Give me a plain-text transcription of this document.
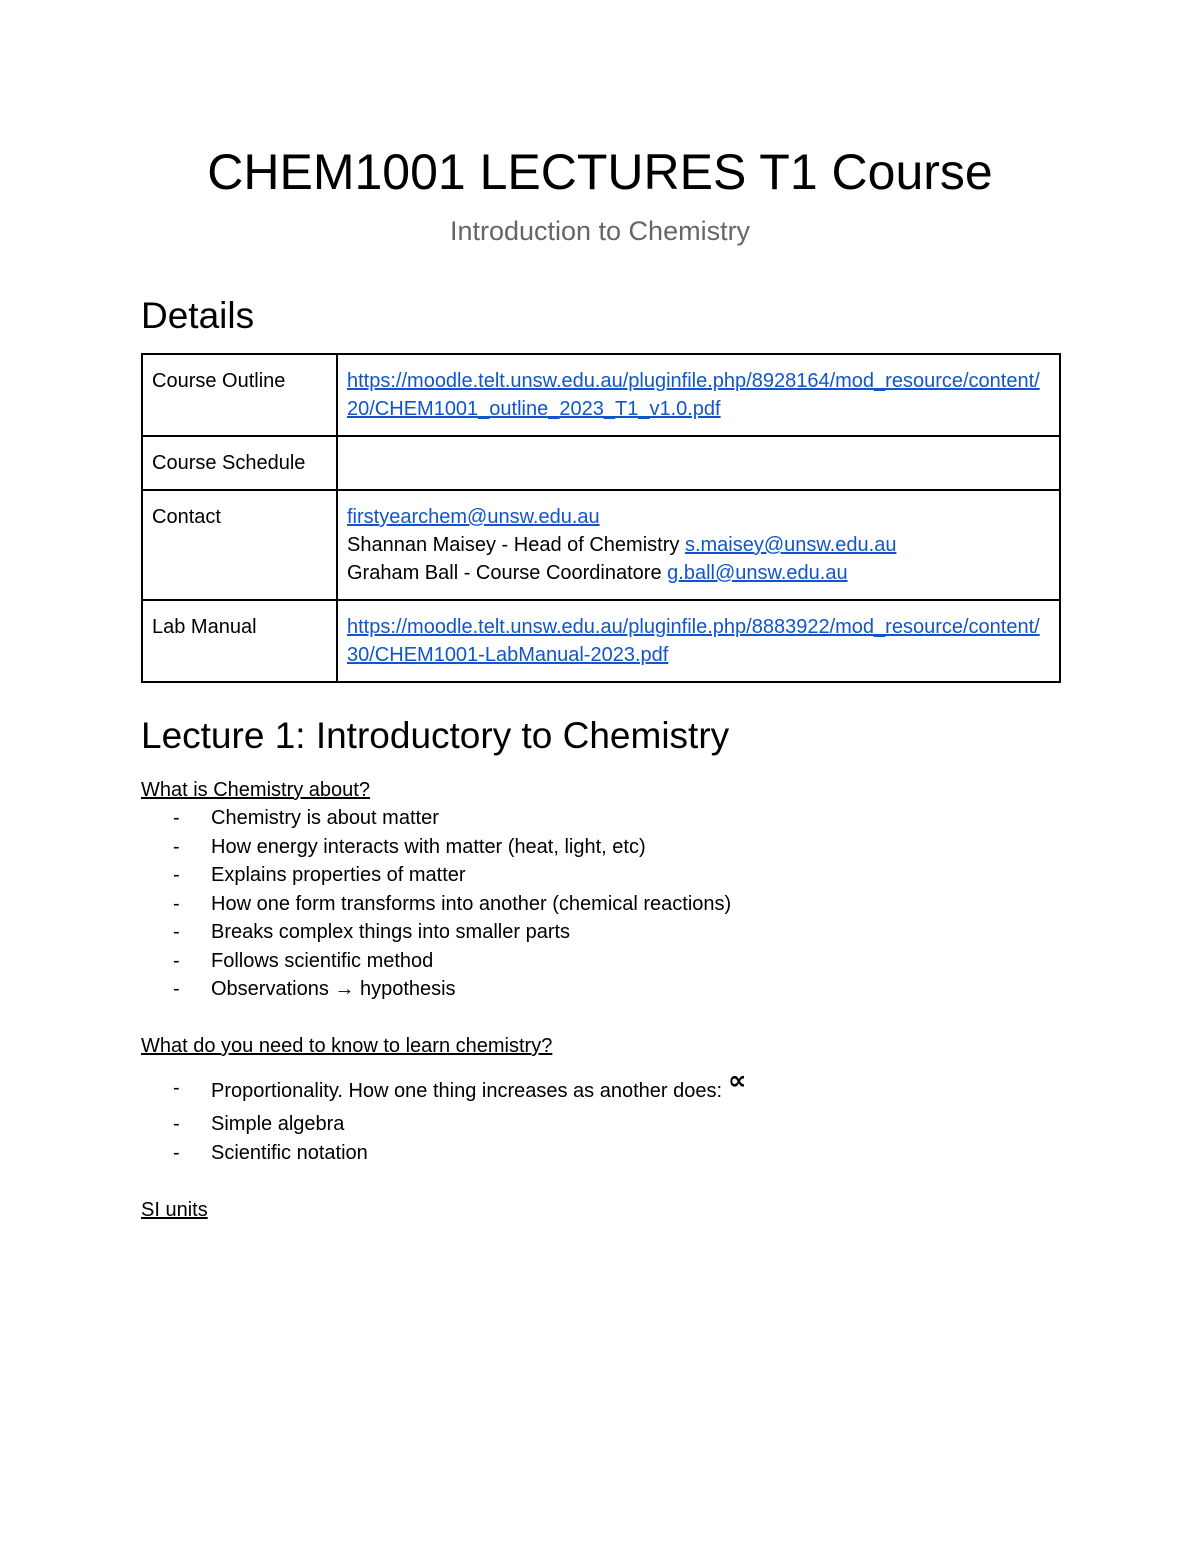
CHEM1001 LECTURES T1 Course
Introduction to Chemistry
Details
Course Outline	https://moodle.telt.unsw.edu.au/pluginfile.php/8928164/mod_resource/content/20/CHEM1001_outline_2023_T1_v1.0.pdf
Course Schedule	
Contact	firstyearchem@unsw.edu.au
Shannan Maisey - Head of Chemistry s.maisey@unsw.edu.au
Graham Ball - Course Coordinatore g.ball@unsw.edu.au

Lab Manual	https://moodle.telt.unsw.edu.au/pluginfile.php/8883922/mod_resource/content/30/CHEM1001-LabManual-2023.pdf
Lecture 1: Introductory to Chemistry

What is Chemistry about?

- Chemistry is about matter
- How energy interacts with matter (heat, light, etc)
- Explains properties of matter
- How one form transforms into another (chemical reactions)
- Breaks complex things into smaller parts
- Follows scientific method
- Observations → hypothesis

What do you need to know to learn chemistry?

- Proportionality. How one thing increases as another does: ∝
- Simple algebra
- Scientific notation

SI units
